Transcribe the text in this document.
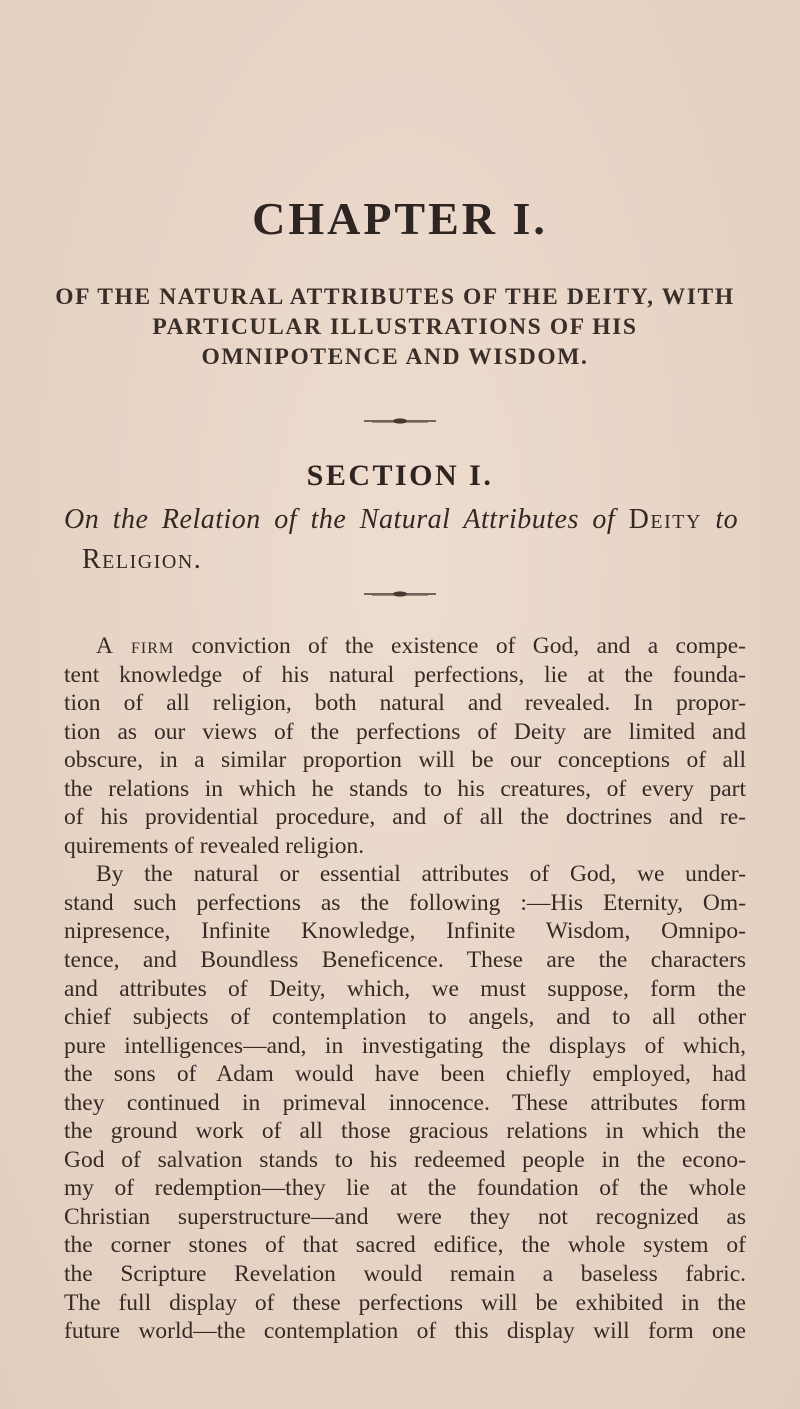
CHAPTER I.
OF THE NATURAL ATTRIBUTES OF THE DEITY, WITH
PARTICULAR ILLUSTRATIONS OF HIS
OMNIPOTENCE AND WISDOM.
SECTION I.
On the Relation of the Natural Attributes of Deity to
Religion.
A firm conviction of the existence of God, and a compe-
tent knowledge of his natural perfections, lie at the founda-
tion of all religion, both natural and revealed. In propor-
tion as our views of the perfections of Deity are limited and
obscure, in a similar proportion will be our conceptions of all
the relations in which he stands to his creatures, of every part
of his providential procedure, and of all the doctrines and re-
quirements of revealed religion.
By the natural or essential attributes of God, we under-
stand such perfections as the following :—His Eternity, Om-
nipresence, Infinite Knowledge, Infinite Wisdom, Omnipo-
tence, and Boundless Beneficence. These are the characters
and attributes of Deity, which, we must suppose, form the
chief subjects of contemplation to angels, and to all other
pure intelligences—and, in investigating the displays of which,
the sons of Adam would have been chiefly employed, had
they continued in primeval innocence. These attributes form
the ground work of all those gracious relations in which the
God of salvation stands to his redeemed people in the econo-
my of redemption—they lie at the foundation of the whole
Christian superstructure—and were they not recognized as
the corner stones of that sacred edifice, the whole system of
the Scripture Revelation would remain a baseless fabric.
The full display of these perfections will be exhibited in the
future world—the contemplation of this display will form one
